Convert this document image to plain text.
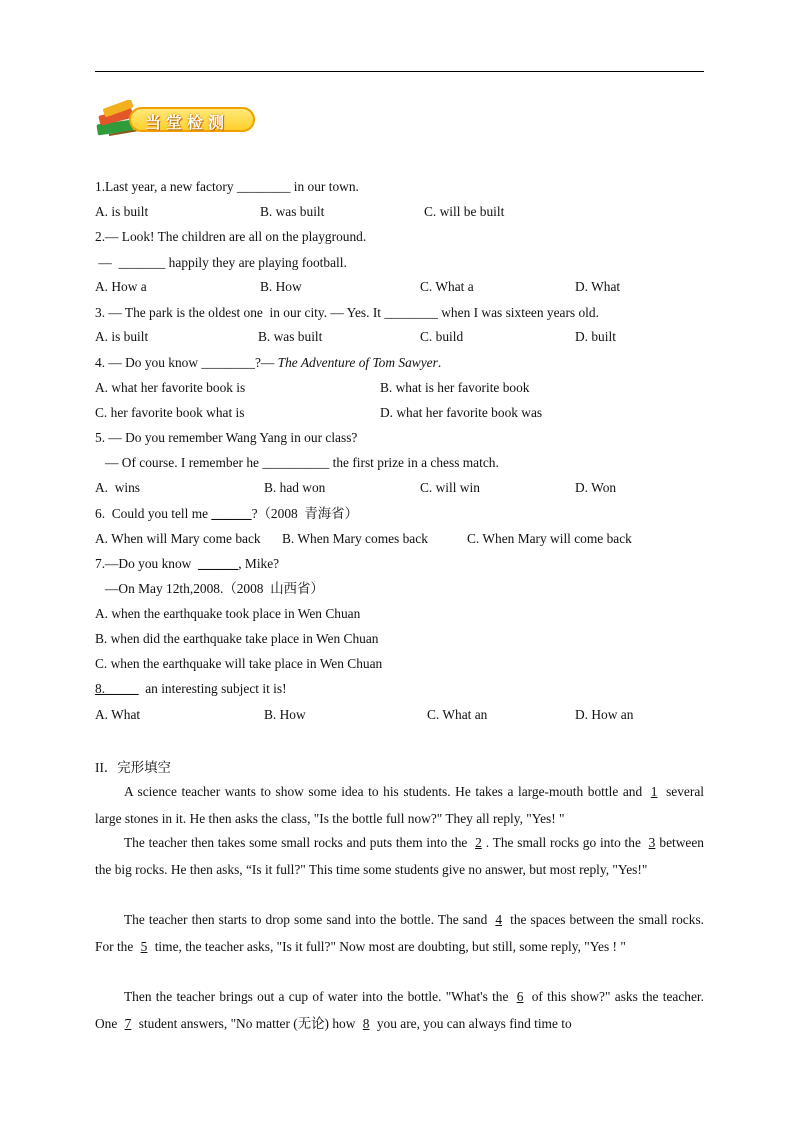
当堂检测
1.Last year, a new factory ________ in our town.
A. is built	B. was built	C. will be built
2.— Look! The children are all on the playground.
— _______ happily they are playing football.
A. How a	B. How	C. What a	D. What
3. — The park is the oldest one  in our city. — Yes. It ________ when I was sixteen years old.
A. is built	B. was built	C. build	D. built
4. — Do you know ________?— The Adventure of Tom Sawyer.
A. what her favorite book is	B. what is her favorite book
C. her favorite book what is	D. what her favorite book was
5. — Do you remember Wang Yang in our class?
— Of course. I remember he __________ the first prize in a chess match.
A.  wins	B. had won	C. will win	D. Won
6.  Could you tell me ______?（2008  青海省）
A. When will Mary come back B. When Mary comes back	C. When Mary will come back
7.—Do you know  ______, Mike?
—On May 12th,2008.（2008  山西省）
A. when the earthquake took place in Wen Chuan
B. when did the earthquake take place in Wen Chuan
C. when the earthquake will take place in Wen Chuan
8._____  an interesting subject it is!
A. What	B. How	C. What an	D. How an
II．完形填空
A science teacher wants to show some idea to his students. He takes a large-mouth bottle and 1 several large stones in it. He then asks the class, "Is the bottle full now?" They all reply, "Yes! "
The teacher then takes some small rocks and puts them into the 2 . The small rocks go into the 3 between the big rocks. He then asks, “Is it full?" This time some students give no answer, but most reply, "Yes!"
The teacher then starts to drop some sand into the bottle. The sand 4 the spaces between the small rocks. For the 5 time, the teacher asks, "Is it full?" Now most are doubting, but still, some reply, "Yes ! "
Then the teacher brings out a cup of water into the bottle. "What's the 6 of this show?" asks the teacher. One 7 student answers, "No matter (无论) how 8 you are, you can always find time to
